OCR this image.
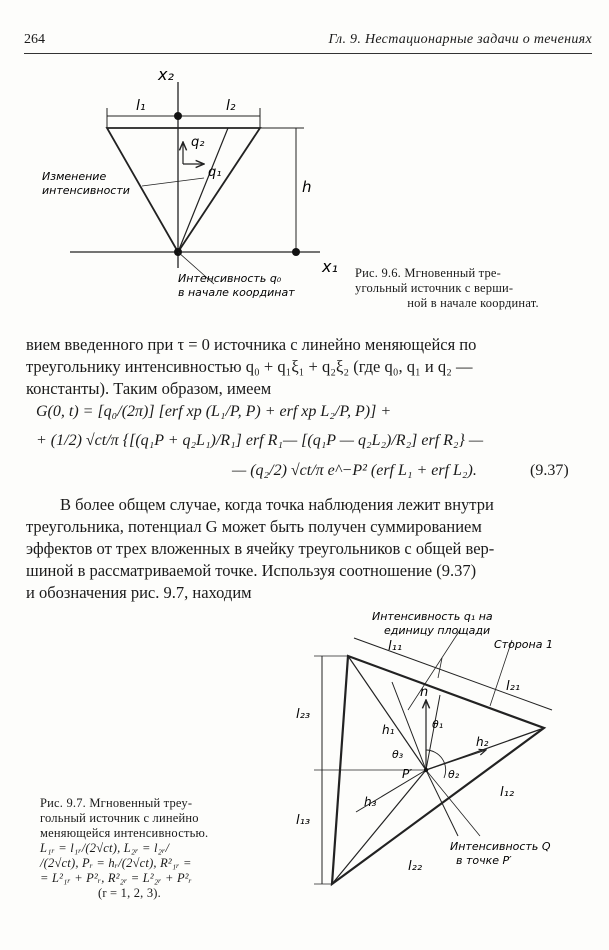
264	Гл. 9. Нестационарные задачи о течениях
x₂
x₁
l₁	l₂
q₂
q₁
h
Изменение
интенсивности
Интенсивность q₀
в начале координат
Рис. 9.6. Мгновенный тре-
угольный источник с верши-
ной в начале координат.
вием введенного при τ = 0 источника с линейно меняющейся по
треугольнику интенсивностью q₀ + q₁ξ₁ + q₂ξ₂ (где q₀, q₁ и q₂ —
константы). Таким образом, имеем
G(0, t) = [q₀/(2π)] [erf xp (L₁/P, P) + erf xp L₂/P, P)] +
+ (1/2) √ct/π {[(q₁P + q₂L₁)/R₁] erf R₁— [(q₁P — q₂L₂)/R₂] erf R₂} —
— (q₂/2) √ct/π e^−P² (erf L₁ + erf L₂).	(9.37)
В более общем случае, когда точка наблюдения лежит внутри
треугольника, потенциал G может быть получен суммированием
эффектов от трех вложенных в ячейку треугольников с общей вер-
шиной в рассматриваемой точке. Используя соотношение (9.37)
и обозначения рис. 9.7, находим
Интенсивность q₁ на
единицу площади
Сторона 1
l₁₁
l₂₁
l₂₃
l₁₃
l₁₂
l₂₂
n
θ₁
θ₂
θ₃
h₁
h₂
h₃
P′
Интенсивность Q
в точке P′
Рис. 9.7. Мгновенный треу-
гольный источник с линейно
меняющейся интенсивностью.
L₁ᵣ = l₁ᵣ/(2√ct), L₂ᵣ = l₂ᵣ/
/(2√ct), Pᵣ = hᵣ/(2√ct), R²₁ᵣ =
= L²₁ᵣ + P²ᵣ, R²₂ᵣ = L²₂ᵣ + P²ᵣ
(r = 1, 2, 3).
